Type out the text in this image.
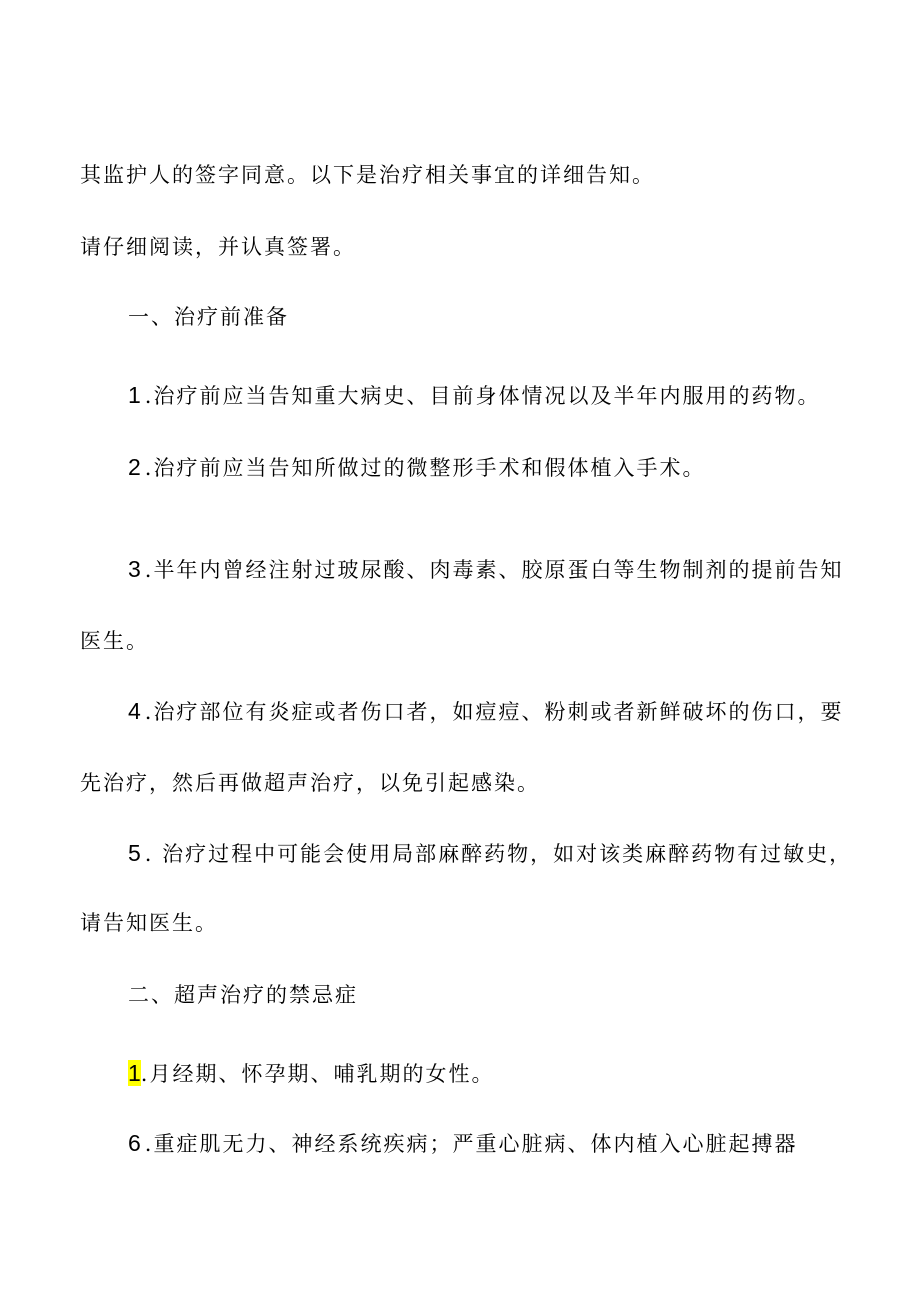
其监护人的签字同意。以下是治疗相关事宜的详细告知。
请仔细阅读，并认真签署。
一、治疗前准备
1 .治疗前应当告知重大病史、目前身体情况以及半年内服用的药物。
2 .治疗前应当告知所做过的微整形手术和假体植入手术。
3 .半年内曾经注射过玻尿酸、肉毒素、胶原蛋白等生物制剂的提前告知
医生。
4 .治疗部位有炎症或者伤口者，如痘痘、粉刺或者新鲜破坏的伤口，要
先治疗，然后再做超声治疗，以免引起感染。
5 . 治疗过程中可能会使用局部麻醉药物，如对该类麻醉药物有过敏史，
请告知医生。
二、超声治疗的禁忌症
1.月经期、怀孕期、哺乳期的女性。
6 .重症肌无力、神经系统疾病；严重心脏病、体内植入心脏起搏器
